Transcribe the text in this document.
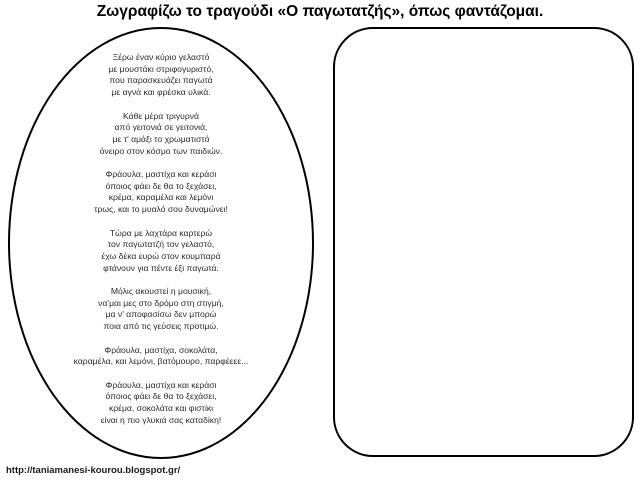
Ζωγραφίζω το τραγούδι «Ο παγωτατζής», όπως φαντάζομαι.
Ξέρω έναν κύριο γελαστό
με μουστάκι στριφογυριστό,
που παρασκευάζει παγωτά
με αγνά και φρέσκα υλικά.
Κάθε μέρα τριγυρνά
από γειτονιά σε γειτονιά,
με τ' αμάξι το χρωματιστό
όνειρο στον κόσμο των παιδιών.
Φράουλα, μαστίχα και κεράσι
όποιος φάει δε θα το ξεχάσει,
κρέμα, καραμέλα και λεμόνι
τρως, και το μυαλό σου δυναμώνει!
Τώρα με λαχτάρα καρτερώ
τον παγωτατζή τον γελαστό,
έχω δέκα ευρώ στον κουμπαρά
φτάνουν για πέντε έξι παγωτά.
Μόλις ακουστεί η μουσική,
να'μαι μες στο δρόμο στη στιγμή,
μα ν' αποφασίσω δεν μπορώ
ποια από τις γεύσεις προτιμώ.
Φράουλα, μαστίχα, σοκολάτα,
καραμέλα, και λεμόνι, βατόμουρο, παρφέεεε...
Φράουλα, μαστίχα και κεράσι
όποιος φάει δε θα το ξεχάσει,
κρέμα, σοκολάτα και φιστίκι
είναι η πιο γλυκιά σας καταδίκη!
http://taniamanesi-kourou.blogspot.gr/
